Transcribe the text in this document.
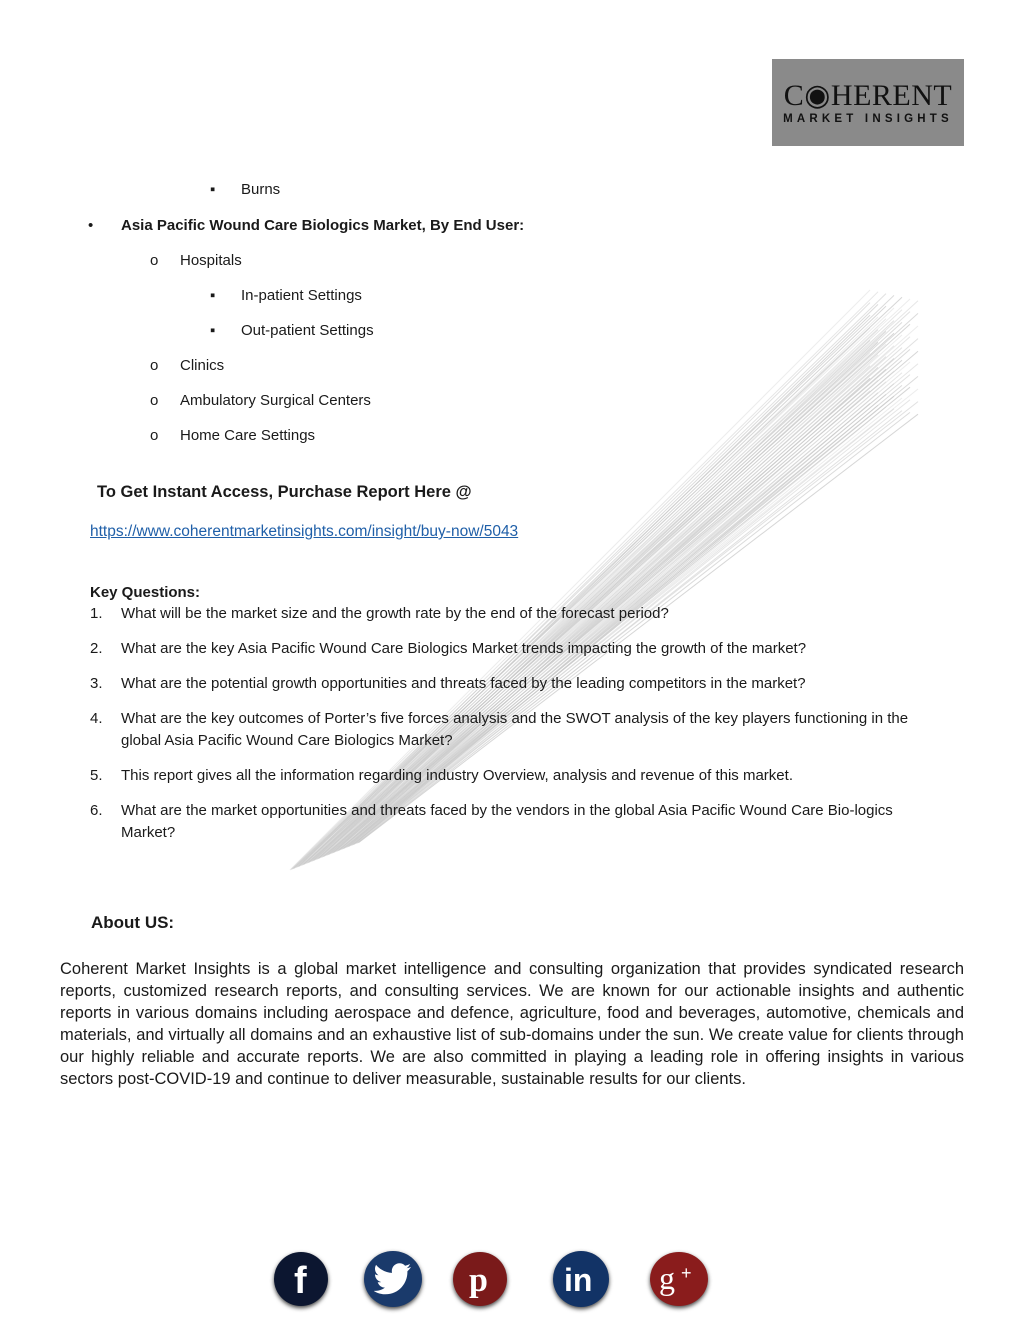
C◉HERENT
MARKET INSIGHTS
▪ Burns
• Asia Pacific Wound Care Biologics Market, By End User:
o Hospitals
▪ In-patient Settings
▪ Out-patient Settings
o Clinics
o Ambulatory Surgical Centers
o Home Care Settings
To Get Instant Access, Purchase Report Here @
https://www.coherentmarketinsights.com/insight/buy-now/5043
Key Questions:
1. What will be the market size and the growth rate by the end of the forecast period?
2. What are the key Asia Pacific Wound Care Biologics Market trends impacting the growth of the market?
3. What are the potential growth opportunities and threats faced by the leading competitors in the market?
4. What are the key outcomes of Porter’s five forces analysis and the SWOT analysis of the key players functioning in the global Asia Pacific Wound Care Biologics Market?
5. This report gives all the information regarding industry Overview, analysis and revenue of this market.
6. What are the market opportunities and threats faced by the vendors in the global Asia Pacific Wound Care Bio-logics Market?
About US:
Coherent Market Insights is a global market intelligence and consulting organization that provides syndicated research reports, customized research reports, and consulting services. We are known for our actionable insights and authentic reports in various domains including aerospace and defence, agriculture, food and beverages, automotive, chemicals and materials, and virtually all domains and an exhaustive list of sub-domains under the sun. We create value for clients through our highly reliable and accurate reports. We are also committed in playing a leading role in offering insights in various sectors post-COVID-19 and continue to deliver measurable, sustainable results for our clients.
f	p in g +
